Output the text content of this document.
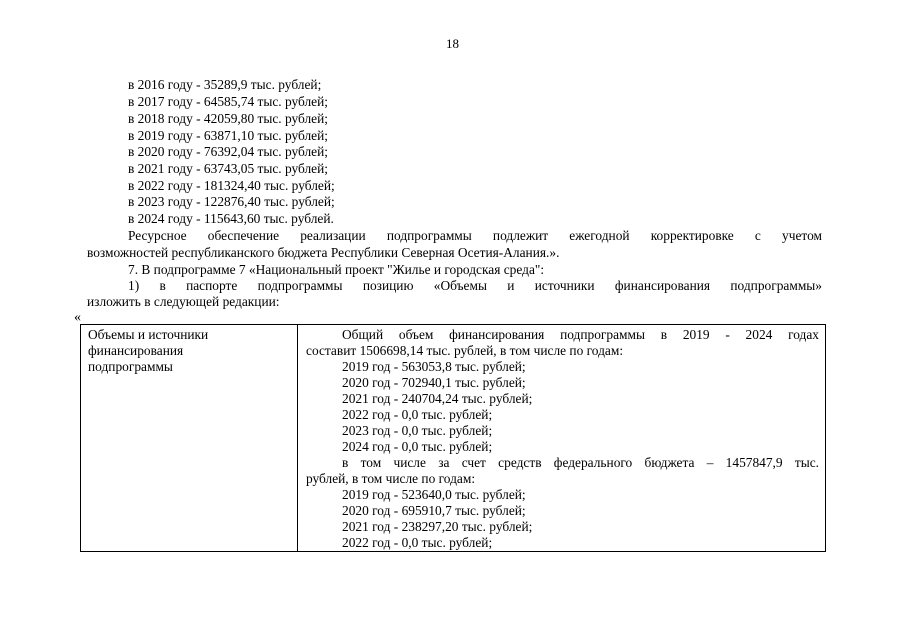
18
в 2016 году - 35289,9 тыс. рублей;
в 2017 году - 64585,74 тыс. рублей;
в 2018 году - 42059,80 тыс. рублей;
в 2019 году - 63871,10 тыс. рублей;
в 2020 году - 76392,04 тыс. рублей;
в 2021 году - 63743,05 тыс. рублей;
в 2022 году - 181324,40 тыс. рублей;
в 2023 году - 122876,40 тыс. рублей;
в 2024 году - 115643,60 тыс. рублей.
Ресурсное обеспечение реализации подпрограммы подлежит ежегодной корректировке с учетом
возможностей республиканского бюджета Республики Северная Осетия-Алания.».
7. В подпрограмме 7 «Национальный проект "Жилье и городская среда":
1) в паспорте подпрограммы позицию «Объемы и источники финансирования подпрограммы»
изложить в следующей редакции:
«
Объемы и источники
финансирования
подпрограммы
Общий объем финансирования подпрограммы в 2019 - 2024 годах
составит 1506698,14 тыс. рублей, в том числе по годам:
2019 год - 563053,8 тыс. рублей;
2020 год - 702940,1 тыс. рублей;
2021 год - 240704,24 тыс. рублей;
2022 год - 0,0 тыс. рублей;
2023 год - 0,0 тыс. рублей;
2024 год - 0,0 тыс. рублей;
в том числе за счет средств федерального бюджета – 1457847,9 тыс.
рублей, в том числе по годам:
2019 год - 523640,0 тыс. рублей;
2020 год - 695910,7 тыс. рублей;
2021 год - 238297,20 тыс. рублей;
2022 год - 0,0 тыс. рублей;
